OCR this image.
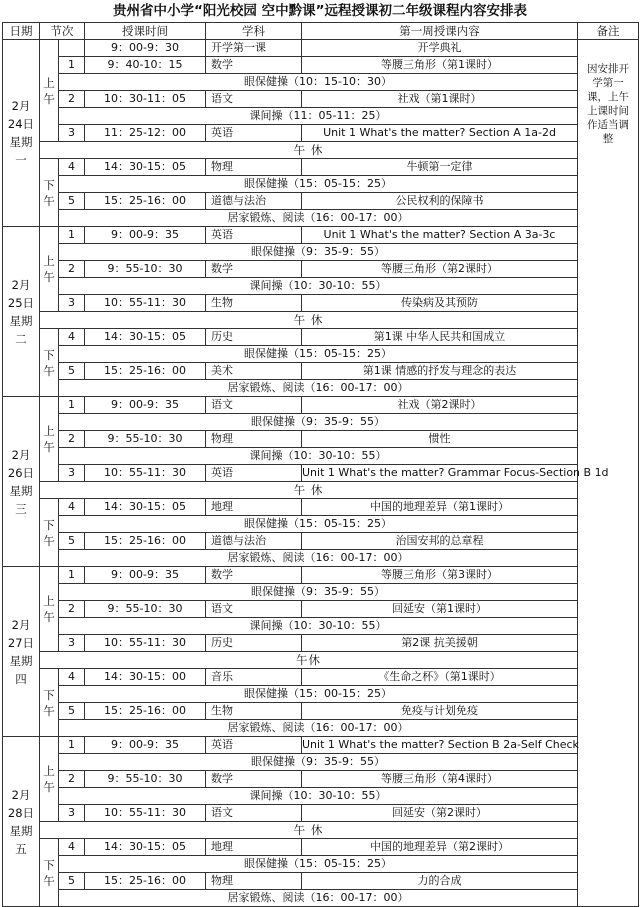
贵州省中小学“阳光校园 空中黔课”远程授课初二年级课程内容安排表
日期	节次		授课时间	学科	第一周授课内容	备注
2月24日星期一	上午		9：00-9：30	开学第一课	开学典礼	因安排开学第一课，上午上课时间作适当调整
		1	9：40-10：15	数学	等腰三角形（第1课时）	
		眼保健操（10：15-10：30）				
		2	10：30-11：05	语文	社戏（第1课时）	
		课间操（11：05-11：25）				
		3	11：25-12：00	英语	Unit 1 What's the matter? Section A 1a-2d	
	午 休					
	下午	4	14：30-15：05	物理	牛顿第一定律	
		眼保健操（15：05-15：25）				
		5	15：25-16：00	道德与法治	公民权利的保障书	
		居家锻炼、阅读（16：00-17：00）				
2月25日星期二	上午	1	9：00-9：35	英语	Unit 1 What's the matter? Section A 3a-3c	
		眼保健操（9：35-9：55）				
		2	9：55-10：30	数学	等腰三角形（第2课时）	
		课间操（10：30-10：55）				
		3	10：55-11：30	生物	传染病及其预防	
	午 休					
	下午	4	14：30-15：05	历史	第1课 中华人民共和国成立	
		眼保健操（15：05-15：25）				
		5	15：25-16：00	美术	第1课 情感的抒发与理念的表达	
		居家锻炼、阅读（16：00-17：00）				
2月26日星期三	上午	1	9：00-9：35	语文	社戏（第2课时）	
		眼保健操（9：35-9：55）				
		2	9：55-10：30	物理	惯性	
		课间操（10：30-10：55）				
		3	10：55-11：30	英语	Unit 1 What's the matter? Grammar Focus-Section B 1d	
	午 休					
	下午	4	14：30-15：05	地理	中国的地理差异（第1课时）	
		眼保健操（15：05-15：25）				
		5	15：25-16：00	道德与法治	治国安邦的总章程	
		居家锻炼、阅读（16：00-17：00）				
2月27日星期四	上午	1	9：00-9：35	数学	等腰三角形（第3课时）	
		眼保健操（9：35-9：55）				
		2	9：55-10：30	语文	回延安（第1课时）	
		课间操（10：30-10：55）				
		3	10：55-11：30	历史	第2课 抗美援朝	
	午休					
	下午	4	14：30-15：00	音乐	《生命之杯》（第1课时）	
		眼保健操（15：00-15：25）				
		5	15：25-16：00	生物	免疫与计划免疫	
		居家锻炼、阅读（16：00-17：00）				
2月28日星期五	上午	1	9：00-9：35	英语	Unit 1 What's the matter? Section B 2a-Self Check	
		眼保健操（9：35-9：55）				
		2	9：55-10：30	数学	等腰三角形（第4课时）	
		课间操（10：30-10：55）				
		3	10：55-11：30	语文	回延安（第2课时）	
	午 休					
	下午	4	14：30-15：05	地理	中国的地理差异（第2课时）	
		眼保健操（15：05-15：25）				
		5	15：25-16：00	物理	力的合成	
		居家锻炼、阅读（16：00-17：00）				
